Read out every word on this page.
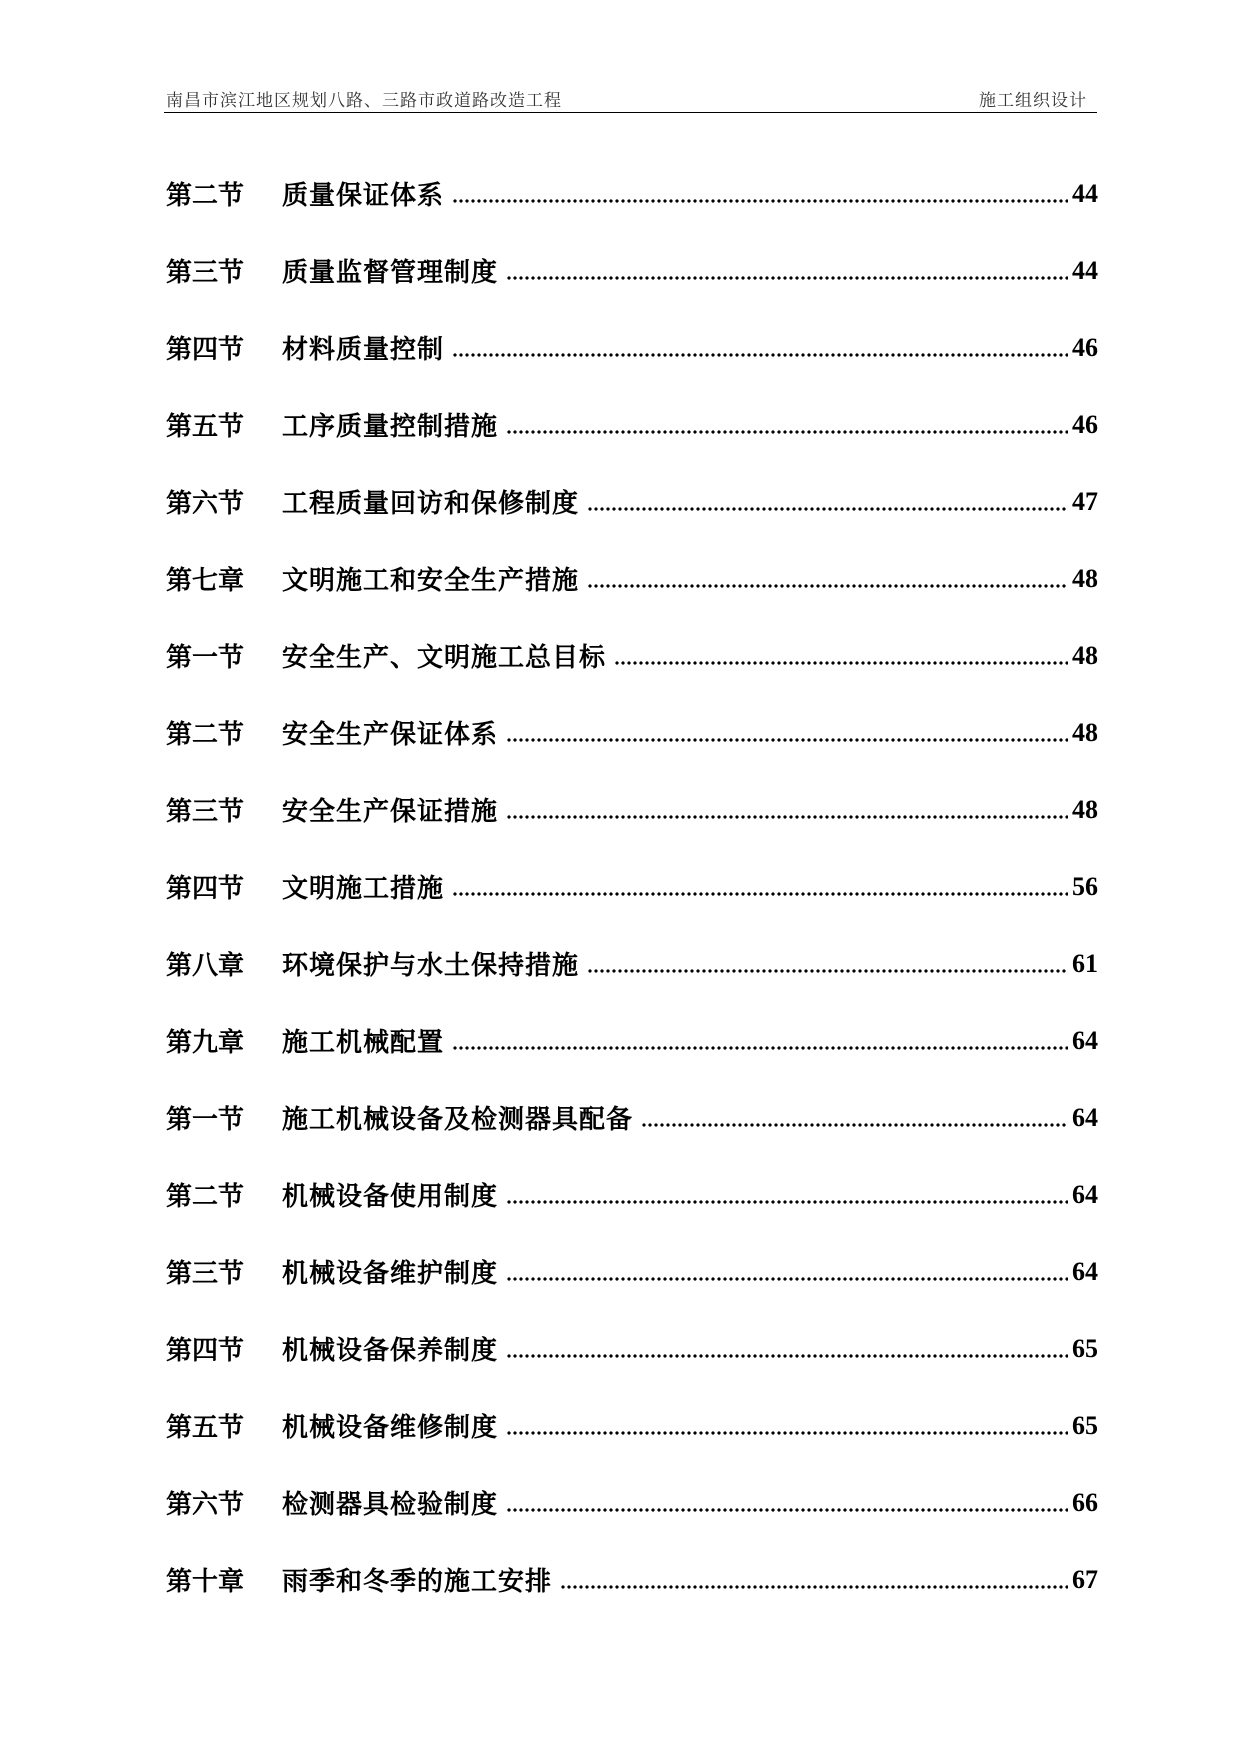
南昌市滨江地区规划八路、三路市政道路改造工程	施工组织设计
第二节	质量保证体系	44
第三节	质量监督管理制度	44
第四节	材料质量控制	46
第五节	工序质量控制措施	46
第六节	工程质量回访和保修制度	47
第七章	文明施工和安全生产措施	48
第一节	安全生产、文明施工总目标	48
第二节	安全生产保证体系	48
第三节	安全生产保证措施	48
第四节	文明施工措施	56
第八章	环境保护与水土保持措施	61
第九章	施工机械配置	64
第一节	施工机械设备及检测器具配备	64
第二节	机械设备使用制度	64
第三节	机械设备维护制度	64
第四节	机械设备保养制度	65
第五节	机械设备维修制度	65
第六节	检测器具检验制度	66
第十章	雨季和冬季的施工安排	67
